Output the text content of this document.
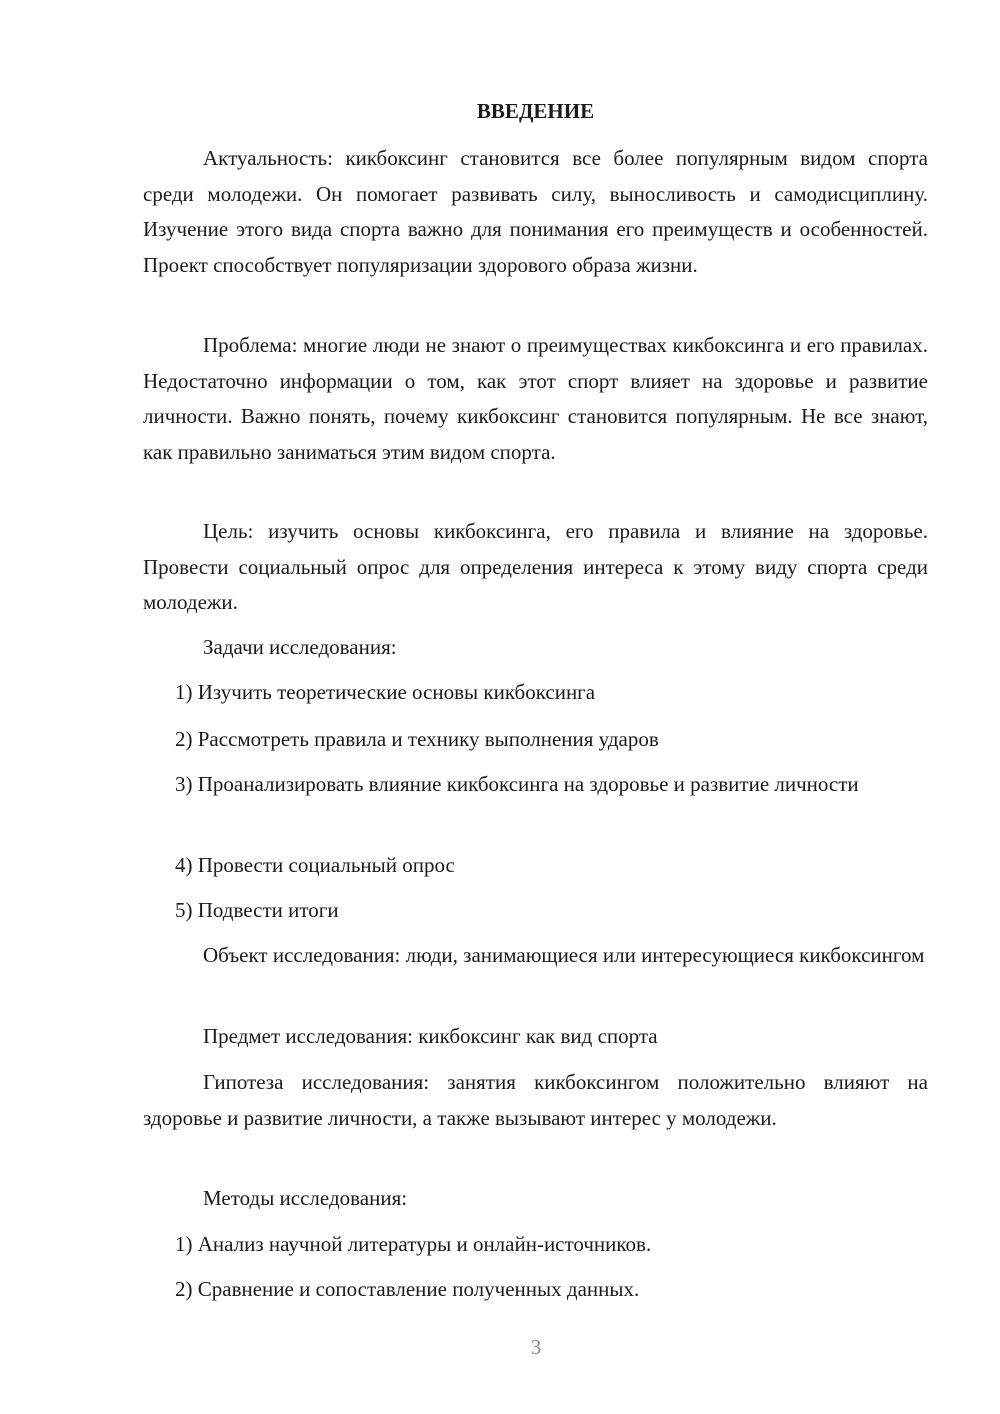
ВВЕДЕНИЕ
Актуальность: кикбоксинг становится все более популярным видом спорта среди молодежи. Он помогает развивать силу, выносливость и самодисциплину. Изучение этого вида спорта важно для понимания его преимуществ и особенностей. Проект способствует популяризации здорового образа жизни.
Проблема: многие люди не знают о преимуществах кикбоксинга и его правилах. Недостаточно информации о том, как этот спорт влияет на здоровье и развитие личности. Важно понять, почему кикбоксинг становится популярным. Не все знают, как правильно заниматься этим видом спорта.
Цель: изучить основы кикбоксинга, его правила и влияние на здоровье. Провести социальный опрос для определения интереса к этому виду спорта среди молодежи.
Задачи исследования:
1) Изучить теоретические основы кикбоксинга
2) Рассмотреть правила и технику выполнения ударов
3) Проанализировать влияние кикбоксинга на здоровье и развитие личности
4) Провести социальный опрос
5) Подвести итоги
Объект исследования: люди, занимающиеся или интересующиеся кикбоксингом
Предмет исследования: кикбоксинг как вид спорта
Гипотеза исследования: занятия кикбоксингом положительно влияют на здоровье и развитие личности, а также вызывают интерес у молодежи.
Методы исследования:
1) Анализ научной литературы и онлайн-источников.
2) Сравнение и сопоставление полученных данных.
3
